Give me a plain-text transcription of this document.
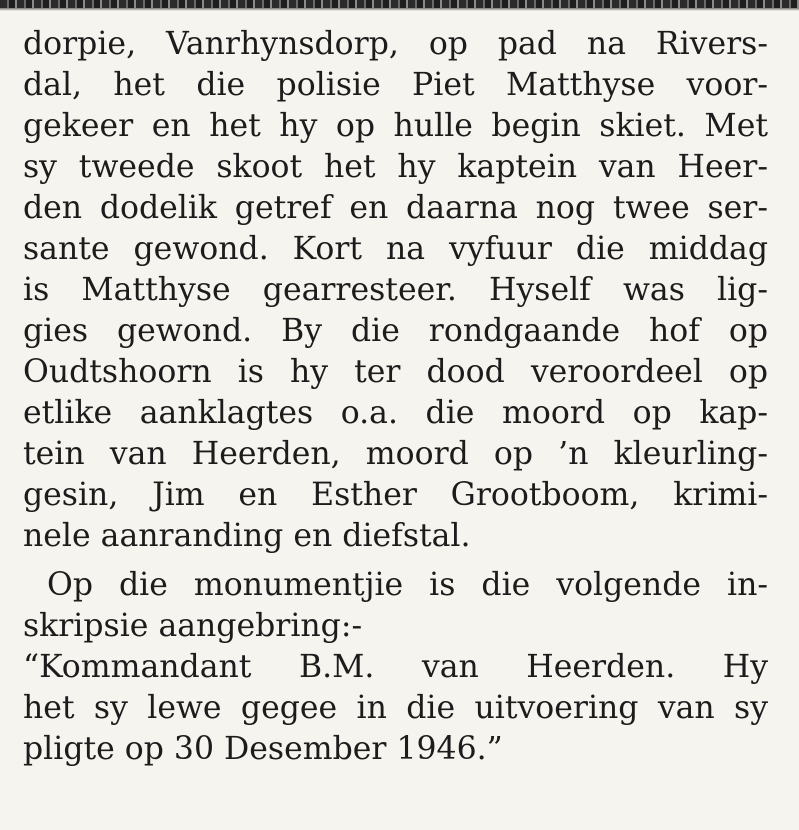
dorpie, Vanrhynsdorp, op pad na Rivers-
dal, het die polisie Piet Matthyse voor-
gekeer en het hy op hulle begin skiet. Met
sy tweede skoot het hy kaptein van Heer-
den dodelik getref en daarna nog twee ser-
sante gewond. Kort na vyfuur die middag
is Matthyse gearresteer. Hyself was lig-
gies gewond. By die rondgaande hof op
Oudtshoorn is hy ter dood veroordeel op
etlike aanklagtes o.a. die moord op kap-
tein van Heerden, moord op ’n kleurling-
gesin, Jim en Esther Grootboom, krimi-
nele aanranding en diefstal.
Op die monumentjie is die volgende in-
skripsie aangebring:-
“Kommandant B.M. van Heerden. Hy
het sy lewe gegee in die uitvoering van sy
pligte op 30 Desember 1946.”
